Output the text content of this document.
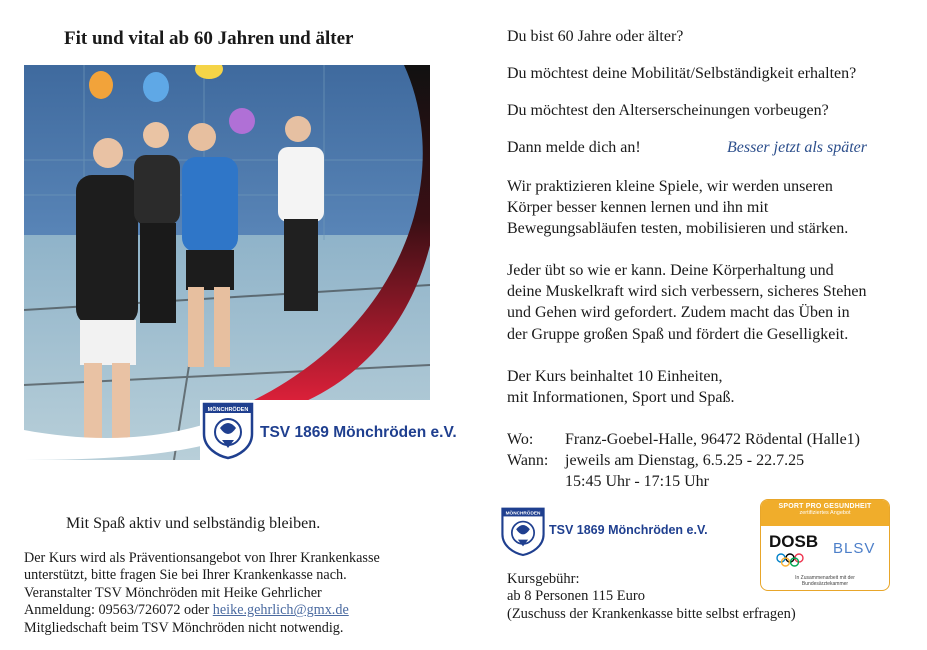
Fit und vital ab 60 Jahren und älter
MÖNCHRÖDEN
TSV 1869 Mönchröden e.V.
Mit Spaß aktiv und selbständig bleiben.
Der Kurs wird als Präventionsangebot von Ihrer Krankenkasse
unterstützt, bitte fragen Sie bei Ihrer Krankenkasse nach.
Veranstalter TSV Mönchröden mit Heike Gehrlicher
Anmeldung: 09563/726072 oder heike.gehrlich@gmx.de
Mitgliedschaft beim TSV Mönchröden nicht notwendig.
Du bist 60 Jahre oder älter?
Du möchtest deine Mobilität/Selbständigkeit erhalten?
Du möchtest den Alterserscheinungen vorbeugen?
Dann melde dich an!	Besser jetzt als später
Wir praktizieren kleine Spiele, wir werden unseren
Körper besser kennen lernen und ihn mit
Bewegungsabläufen testen, mobilisieren und stärken.
Jeder übt so wie er kann. Deine Körperhaltung und
deine Muskelkraft wird sich verbessern, sicheres Stehen
und Gehen wird gefordert. Zudem macht das Üben in
der Gruppe großen Spaß und fördert die Geselligkeit.
Der Kurs beinhaltet 10 Einheiten,
mit Informationen, Sport und Spaß.
Wo: Franz-Goebel-Halle, 96472 Rödental (Halle1)
Wann: jeweils am Dienstag, 6.5.25 - 22.7.25
15:45 Uhr - 17:15 Uhr
MÖNCHRÖDEN
TSV 1869 Mönchröden e.V.
Kursgebühr:
ab 8 Personen 115 Euro
(Zuschuss der Krankenkasse bitte selbst erfragen)
SPORT PRO GESUNDHEIT
zertifiziertes Angebot
DOSB BLSV
In Zusammenarbeit mit der
Bundesärztekammer
